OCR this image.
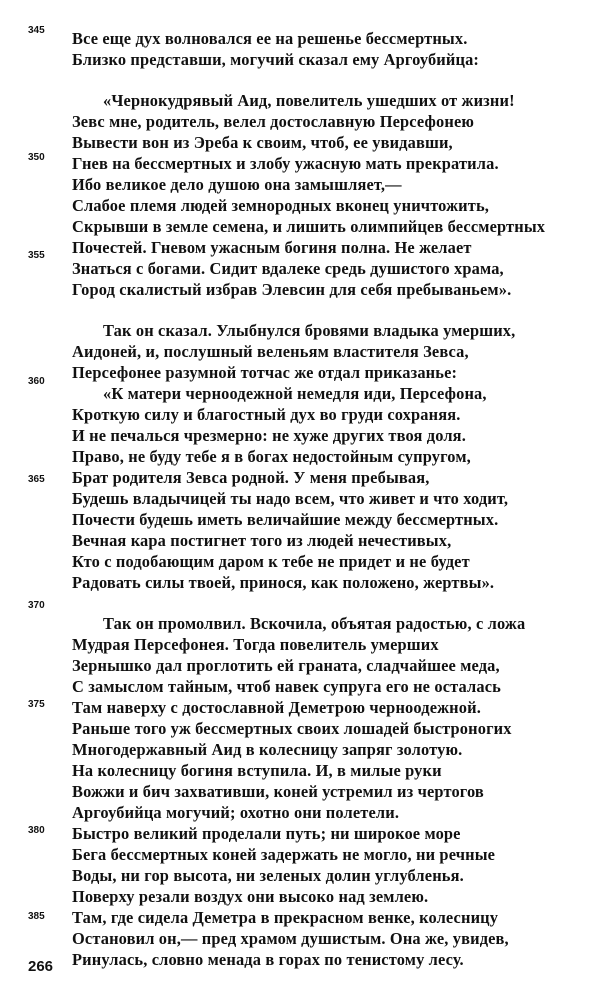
345
350
355
360
365
370
375
380
385
Все еще дух волновался ее на решенье бессмертных.
Близко представши, могучий сказал ему Аргоубийца:
«Чернокудрявый Аид, повелитель ушедших от жизни!
Зевс мне, родитель, велел достославную Персефонею
Вывести вон из Эреба к своим, чтоб, ее увидавши,
Гнев на бессмертных и злобу ужасную мать прекратила.
Ибо великое дело душою она замышляет,—
Слабое племя людей земнородных вконец уничтожить,
Скрывши в земле семена, и лишить олимпийцев бессмертных
Почестей. Гневом ужасным богиня полна. Не желает
Знаться с богами. Сидит вдалеке средь душистого храма,
Город скалистый избрав Элевсин для себя пребываньем».
Так он сказал. Улыбнулся бровями владыка умерших,
Аидоней, и, послушный веленьям властителя Зевса,
Персефонее разумной тотчас же отдал приказанье:
«К матери черноодежной немедля иди, Персефона,
Кроткую силу и благостный дух во груди сохраняя.
И не печалься чрезмерно: не хуже других твоя доля.
Право, не буду тебе я в богах недостойным супругом,
Брат родителя Зевса родной. У меня пребывая,
Будешь владычицей ты надо всем, что живет и что ходит,
Почести будешь иметь величайшие между бессмертных.
Вечная кара постигнет того из людей нечестивых,
Кто с подобающим даром к тебе не придет и не будет
Радовать силы твоей, принося, как положено, жертвы».
Так он промолвил. Вскочила, объятая радостью, с ложа
Мудрая Персефонея. Тогда повелитель умерших
Зернышко дал проглотить ей граната, сладчайшее меда,
С замыслом тайным, чтоб навек супруга его не осталась
Там наверху с достославной Деметрою черноодежной.
Раньше того уж бессмертных своих лошадей быстроногих
Многодержавный Аид в колесницу запряг золотую.
На колесницу богиня вступила. И, в милые руки
Вожжи и бич захвативши, коней устремил из чертогов
Аргоубийца могучий; охотно они полетели.
Быстро великий проделали путь; ни широкое море
Бега бессмертных коней задержать не могло, ни речные
Воды, ни гор высота, ни зеленых долин углубленья.
Поверху резали воздух они высоко над землею.
Там, где сидела Деметра в прекрасном венке, колесницу
Остановил он,— пред храмом душистым. Она же, увидев,
Ринулась, словно менада в горах по тенистому лесу.
266
